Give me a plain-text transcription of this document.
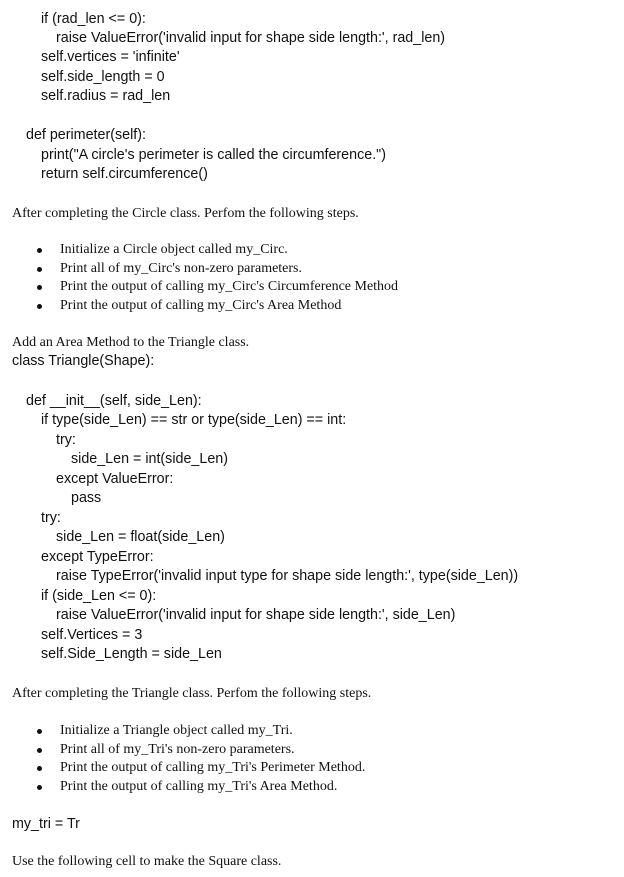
if (rad_len <= 0):
raise ValueError('invalid input for shape side length:', rad_len)
self.vertices = 'infinite'
self.side_length = 0
self.radius = rad_len
def perimeter(self):
print("A circle's perimeter is called the circumference.")
return self.circumference()
After completing the Circle class. Perfom the following steps.
Initialize a Circle object called my_Circ.
Print all of my_Circ's non-zero parameters.
Print the output of calling my_Circ's Circumference Method
Print the output of calling my_Circ's Area Method
Add an Area Method to the Triangle class.
class Triangle(Shape):
def __init__(self, side_Len):
if type(side_Len) == str or type(side_Len) == int:
try:
side_Len = int(side_Len)
except ValueError:
pass
try:
side_Len = float(side_Len)
except TypeError:
raise TypeError('invalid input type for shape side length:', type(side_Len))
if (side_Len <= 0):
raise ValueError('invalid input for shape side length:', side_Len)
self.Vertices = 3
self.Side_Length = side_Len
After completing the Triangle class. Perfom the following steps.
Initialize a Triangle object called my_Tri.
Print all of my_Tri's non-zero parameters.
Print the output of calling my_Tri's Perimeter Method.
Print the output of calling my_Tri's Area Method.
my_tri = Tr
Use the following cell to make the Square class.
